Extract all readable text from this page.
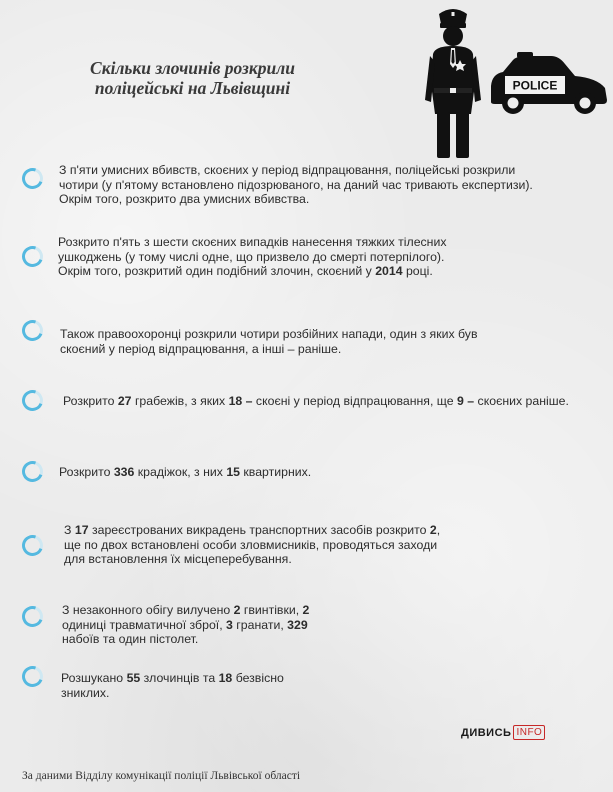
Скільки злочинів розкрили
поліцейські на Львівщині	POLICE
З п'яти умисних вбивств, скоєних у період відпрацювання, поліцейські розкрили
чотири (у п'ятому встановлено підозрюваного, на даний час тривають експертизи).
Окрім того, розкрито два умисних вбивства.
Розкрито п'ять з шести скоєних випадків нанесення тяжких тілесних
ушкоджень (у тому числі одне, що призвело до смерті потерпілого).
Окрім того, розкритий один подібний злочин, скоєний у 2014 році.
Також правоохоронці розкрили чотири розбійних напади, один з яких був
скоєний у період відпрацювання, а інші – раніше.
Розкрито 27 грабежів, з яких 18 – скоєні у період відпрацювання, ще 9 – скоєних раніше.
Розкрито 336 крадіжок, з них 15 квартирних.
З 17 зареєстрованих викрадень транспортних засобів розкрито 2,
ще по двох встановлені особи зловмисників, проводяться заходи
для встановлення їх місцеперебування.
З незаконного обігу вилучено 2 гвинтівки, 2
одиниці травматичної зброї, 3 гранати, 329
набоїв та один пістолет.
Розшукано 55 злочинців та 18 безвісно
зниклих.
ДИВИСЬ INFO
За даними Відділу комунікації поліції Львівської області
